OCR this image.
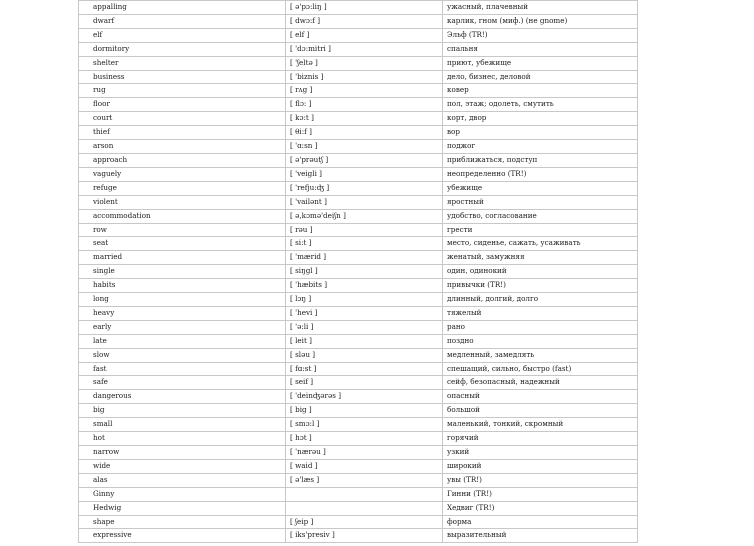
appalling	[ ə'pɔ:liŋ ]	ужасный, плачевный
dwarf	[ dwɔ:f ]	карлик, гном (миф.) (не gnome)
elf	[ elf ]	Эльф (TR!)
dormitory	[ 'dɔ:mitri ]	спальня
shelter	[ 'ʃeltə ]	приют, убежище
business	[ 'biznis ]	дело, бизнес, деловой
rug	[ rʌg ]	ковер
floor	[ flɔ: ]	пол, этаж; одолеть, смутить
court	[ kɔ:t ]	корт, двор
thief	[ θi:f ]	вор
arson	[ 'ɑ:sn ]	поджог
approach	[ ə'prəutʃ ]	приближаться, подступ
vaguely	[ 'veigli ]	неопределенно (TR!)
refuge	[ 'refju:ʤ ]	убежище
violent	[ 'vailənt ]	яростный
accommodation	[ ə,kɔmə'deiʃn ]	удобство, согласование
row	[ rəu ]	грести
seat	[ si:t ]	место, сиденье, сажать, усаживать
married	[ 'mærid ]	женатый, замужняя
single	[ siŋgl ]	один, одинокий
habits	[ 'hæbits ]	привычки (TR!)
long	[ lɔŋ ]	длинный, долгий, долго
heavy	[ 'hevi ]	тяжелый
early	[ 'ə:li ]	рано
late	[ leit ]	поздно
slow	[ sləu ]	медленный, замедлять
fast	[ fɑ:st ]	спешащий, сильно, быстро (fast)
safe	[ seif ]	сейф, безопасный, надежный
dangerous	[ 'deinʤərəs ]	опасный
big	[ big ]	большой
small	[ smɔ:l ]	маленький, тонкий, скромный
hot	[ hɔt ]	горячий
narrow	[ 'nærəu ]	узкий
wide	[ waid ]	широкий
alas	[ ə'læs ]	увы (TR!)
Ginny		Гинни (TR!)
Hedwig		Хедвиг (TR!)
shape	[ ʃeip ]	форма
expressive	[ iks'presiv ]	выразительный
